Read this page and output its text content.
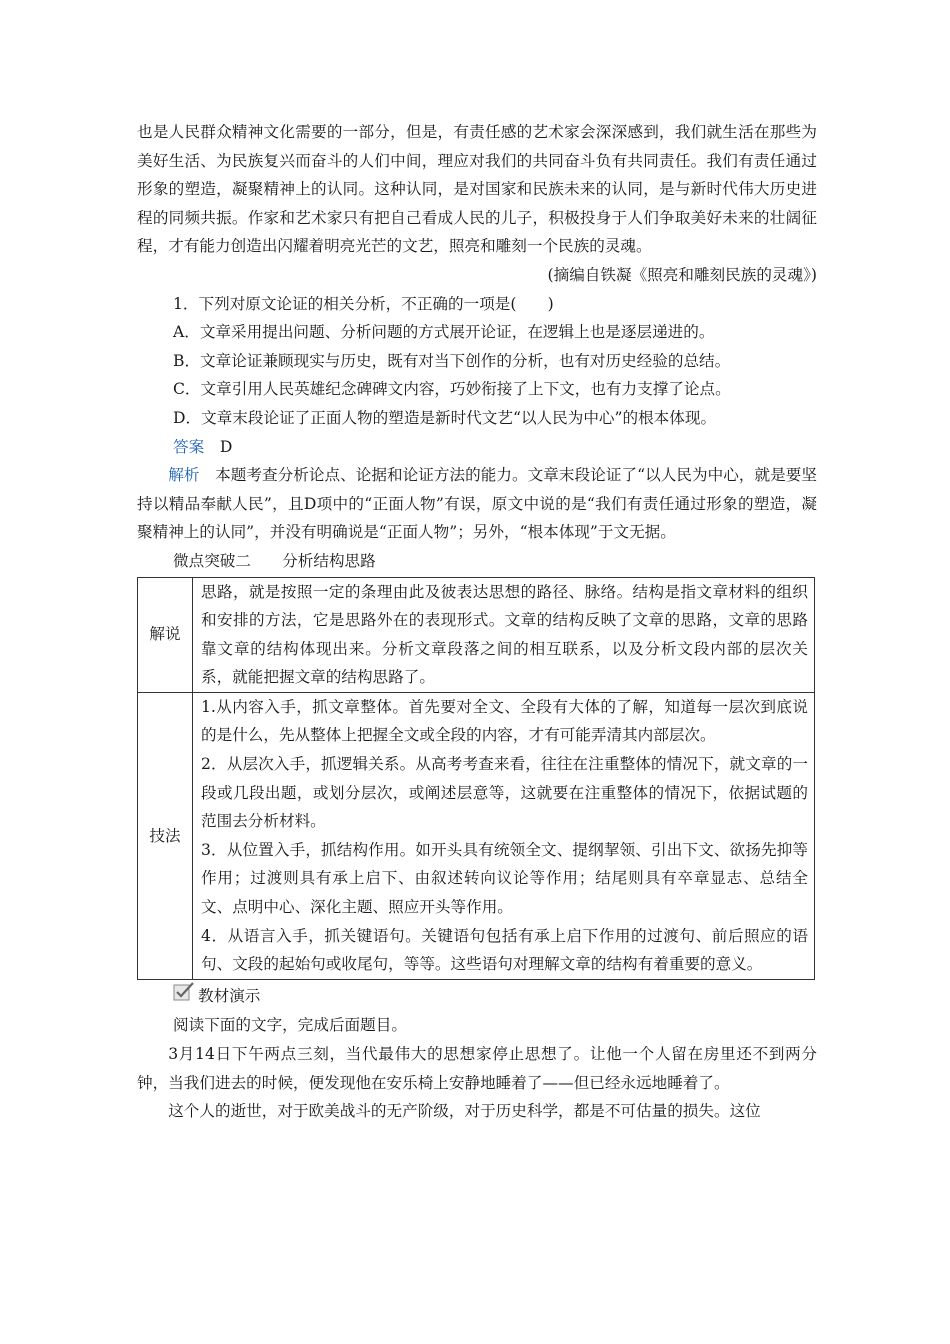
也是人民群众精神文化需要的一部分，但是，有责任感的艺术家会深深感到，我们就生活在那些为美好生活、为民族复兴而奋斗的人们中间，理应对我们的共同奋斗负有共同责任。我们有责任通过形象的塑造，凝聚精神上的认同。这种认同，是对国家和民族未来的认同，是与新时代伟大历史进程的同频共振。作家和艺术家只有把自己看成人民的儿子，积极投身于人们争取美好未来的壮阔征程，才有能力创造出闪耀着明亮光芒的文艺，照亮和雕刻一个民族的灵魂。

(摘编自铁凝《照亮和雕刻民族的灵魂》)

1．下列对原文论证的相关分析，不正确的一项是(　　)

A．文章采用提出问题、分析问题的方式展开论证，在逻辑上也是逐层递进的。

B．文章论证兼顾现实与历史，既有对当下创作的分析，也有对历史经验的总结。

C．文章引用人民英雄纪念碑碑文内容，巧妙衔接了上下文，也有力支撑了论点。

D．文章末段论证了正面人物的塑造是新时代文艺“以人民为中心”的根本体现。

答案　 D

解析　 本题考查分析论点、论据和论证方法的能力。文章末段论证了“以人民为中心，就是要坚持以精品奉献人民”，且D项中的“正面人物”有误，原文中说的是“我们有责任通过形象的塑造，凝聚精神上的认同”，并没有明确说是“正面人物”；另外，“根本体现”于文无据。

微点突破二　　分析结构思路

解说	思路，就是按照一定的条理由此及彼表达思想的路径、脉络。结构是指文章材料的组织和安排的方法，它是思路外在的表现形式。文章的结构反映了文章的思路，文章的思路靠文章的结构体现出来。分析文章段落之间的相互联系，以及分析文段内部的层次关系，就能把握文章的结构思路了。

技法	1.从内容入手，抓文章整体。首先要对全文、全段有大体的了解，知道每一层次到底说的是什么，先从整体上把握全文或全段的内容，才有可能弄清其内部层次。

2．从层次入手，抓逻辑关系。从高考考查来看，往往在注重整体的情况下，就文章的一段或几段出题，或划分层次，或阐述层意等，这就要在注重整体的情况下，依据试题的范围去分析材料。

3．从位置入手，抓结构作用。如开头具有统领全文、提纲挈领、引出下文、欲扬先抑等作用；过渡则具有承上启下、由叙述转向议论等作用；结尾则具有卒章显志、总结全文、点明中心、深化主题、照应开头等作用。

4．从语言入手，抓关键语句。关键语句包括有承上启下作用的过渡句、前后照应的语句、文段的起始句或收尾句，等等。这些语句对理解文章的结构有着重要的意义。

教材演示

阅读下面的文字，完成后面题目。

3月14日下午两点三刻，当代最伟大的思想家停止思想了。让他一个人留在房里还不到两分钟，当我们进去的时候，便发现他在安乐椅上安静地睡着了——但已经永远地睡着了。

这个人的逝世，对于欧美战斗的无产阶级，对于历史科学，都是不可估量的损失。这位
